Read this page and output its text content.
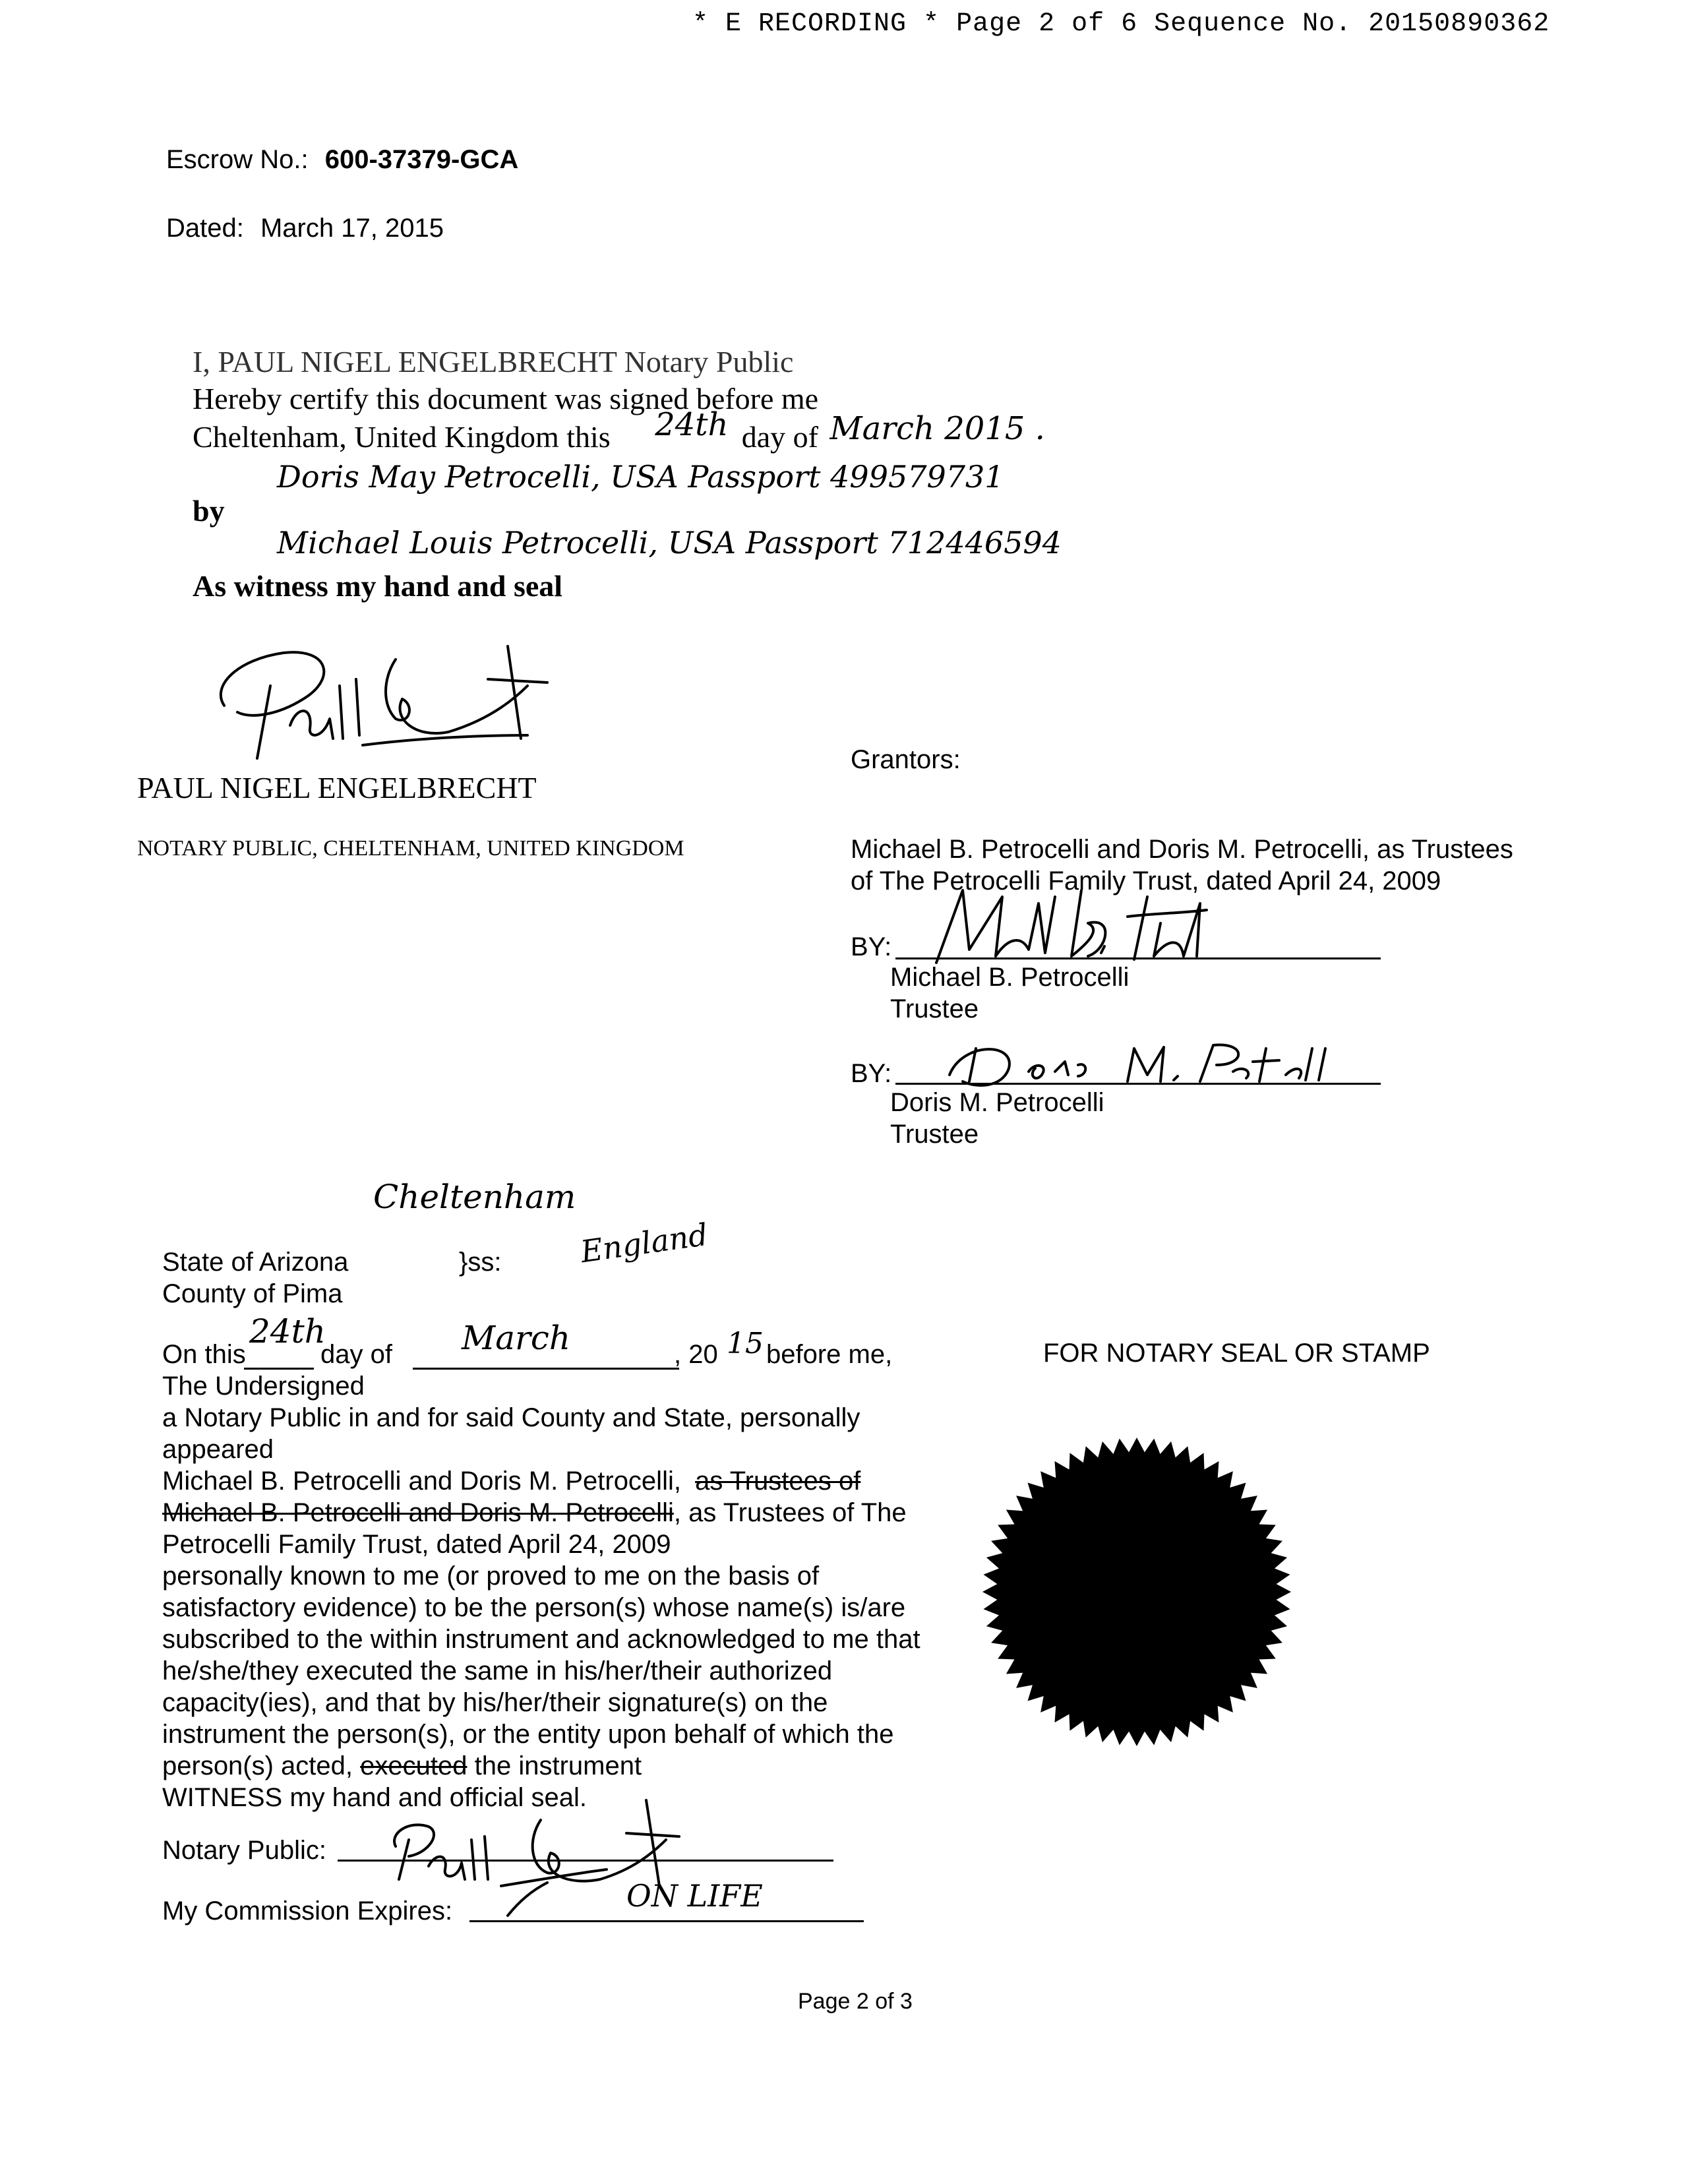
* E RECORDING * Page 2 of 6 Sequence No. 20150890362
Escrow No.: 600-37379-GCA
Dated: March 17, 2015
I, PAUL NIGEL ENGELBRECHT Notary Public
Hereby certify this document was signed before me
Cheltenham, United Kingdom this 24th day of March 2015 .
by
Doris May Petrocelli, USA Passport 499579731
Michael Louis Petrocelli, USA Passport 712446594
As witness my hand and seal
PAUL NIGEL ENGELBRECHT
NOTARY PUBLIC, CHELTENHAM, UNITED KINGDOM
Grantors:
Michael B. Petrocelli and Doris M. Petrocelli, as Trustees
of The Petrocelli Family Trust, dated April 24, 2009
BY:
Michael B. Petrocelli
Trustee
BY:
Doris M. Petrocelli
Trustee
Cheltenham
England
State of Arizona	}ss:
County of Pima
On this
24th
day of March	, 20 15 before me,
The Undersigned
a Notary Public in and for said County and State, personally
appeared
Michael B. Petrocelli and Doris M. Petrocelli, as Trustees of
Michael B. Petrocelli and Doris M. Petrocelli, as Trustees of The
Petrocelli Family Trust, dated April 24, 2009
personally known to me (or proved to me on the basis of
satisfactory evidence) to be the person(s) whose name(s) is/are
subscribed to the within instrument and acknowledged to me that
he/she/they executed the same in his/her/their authorized
capacity(ies), and that by his/her/their signature(s) on the
instrument the person(s), or the entity upon behalf of which the
person(s) acted, executed the instrument
WITNESS my hand and official seal.
Notary Public:
My Commission Expires:	ON LIFE
FOR NOTARY SEAL OR STAMP
Page 2 of 3
